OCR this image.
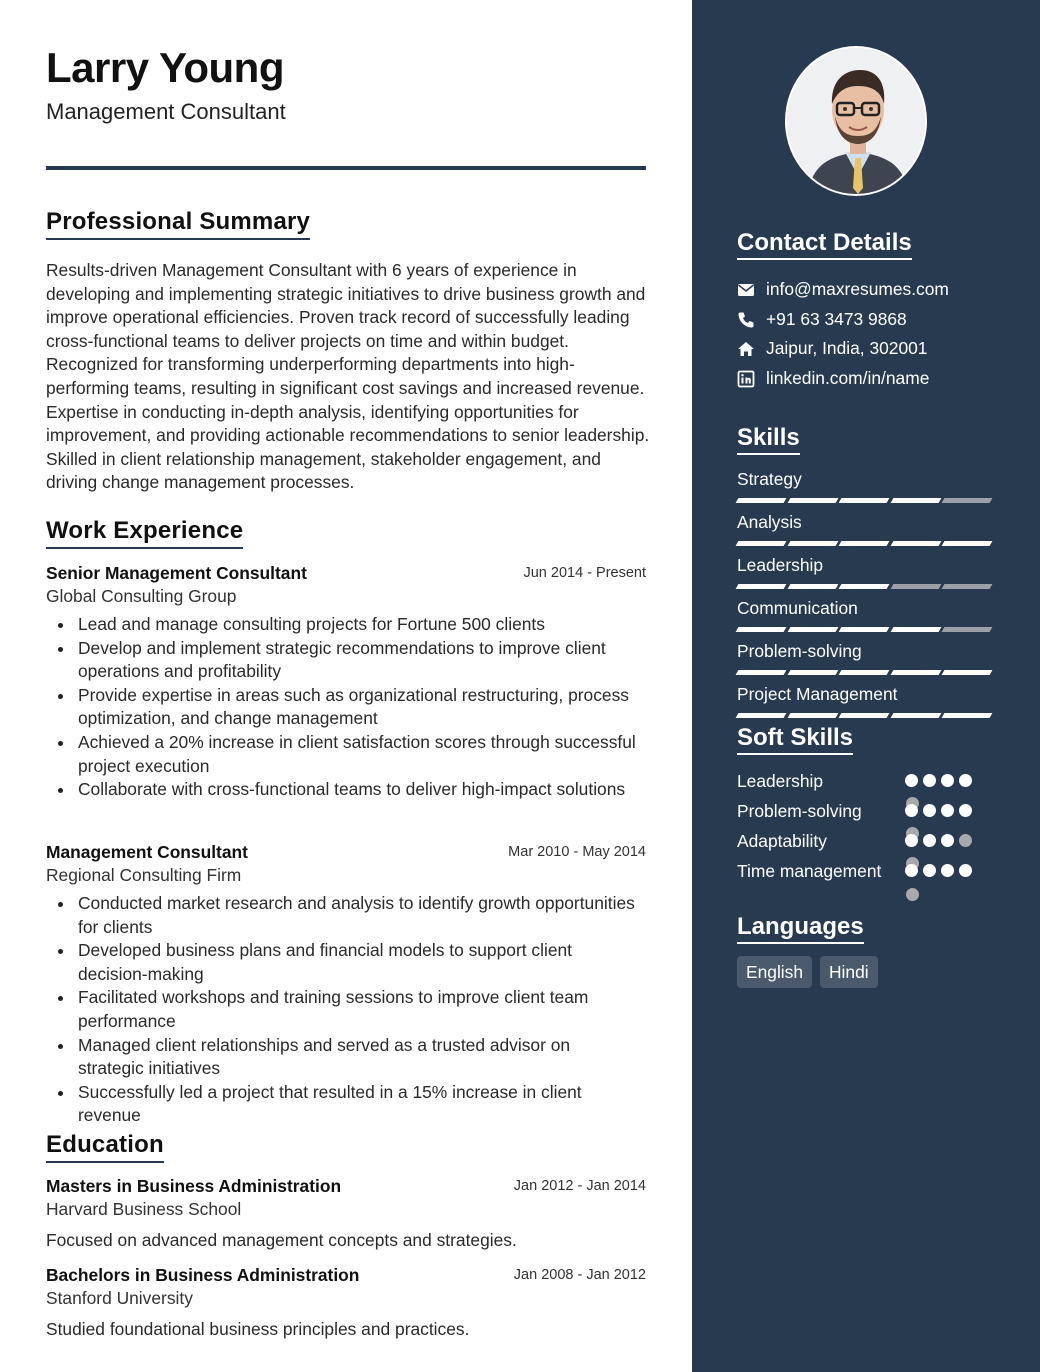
Larry Young
Management Consultant
Professional Summary
Results-driven Management Consultant with 6 years of experience in developing and implementing strategic initiatives to drive business growth and improve operational efficiencies. Proven track record of successfully leading cross-functional teams to deliver projects on time and within budget. Recognized for transforming underperforming departments into high-performing teams, resulting in significant cost savings and increased revenue. Expertise in conducting in-depth analysis, identifying opportunities for improvement, and providing actionable recommendations to senior leadership. Skilled in client relationship management, stakeholder engagement, and driving change management processes.
Work Experience
Senior Management Consultant	Jun 2014 - Present
Global Consulting Group
Lead and manage consulting projects for Fortune 500 clients
Develop and implement strategic recommendations to improve client operations and profitability
Provide expertise in areas such as organizational restructuring, process optimization, and change management
Achieved a 20% increase in client satisfaction scores through successful project execution
Collaborate with cross-functional teams to deliver high-impact solutions
Management Consultant	Mar 2010 - May 2014
Regional Consulting Firm
Conducted market research and analysis to identify growth opportunities for clients
Developed business plans and financial models to support client decision-making
Facilitated workshops and training sessions to improve client team performance
Managed client relationships and served as a trusted advisor on strategic initiatives
Successfully led a project that resulted in a 15% increase in client revenue
Education
Masters in Business Administration	Jan 2012 - Jan 2014
Harvard Business School
Focused on advanced management concepts and strategies.
Bachelors in Business Administration	Jan 2008 - Jan 2012
Stanford University
Studied foundational business principles and practices.
Contact Details
info@maxresumes.com
+91 63 3473 9868
Jaipur, India, 302001
linkedin.com/in/name
Skills
Strategy
Analysis
Leadership
Communication
Problem-solving
Project Management
Soft Skills
Leadership
Problem-solving
Adaptability
Time management
Languages
English	Hindi
